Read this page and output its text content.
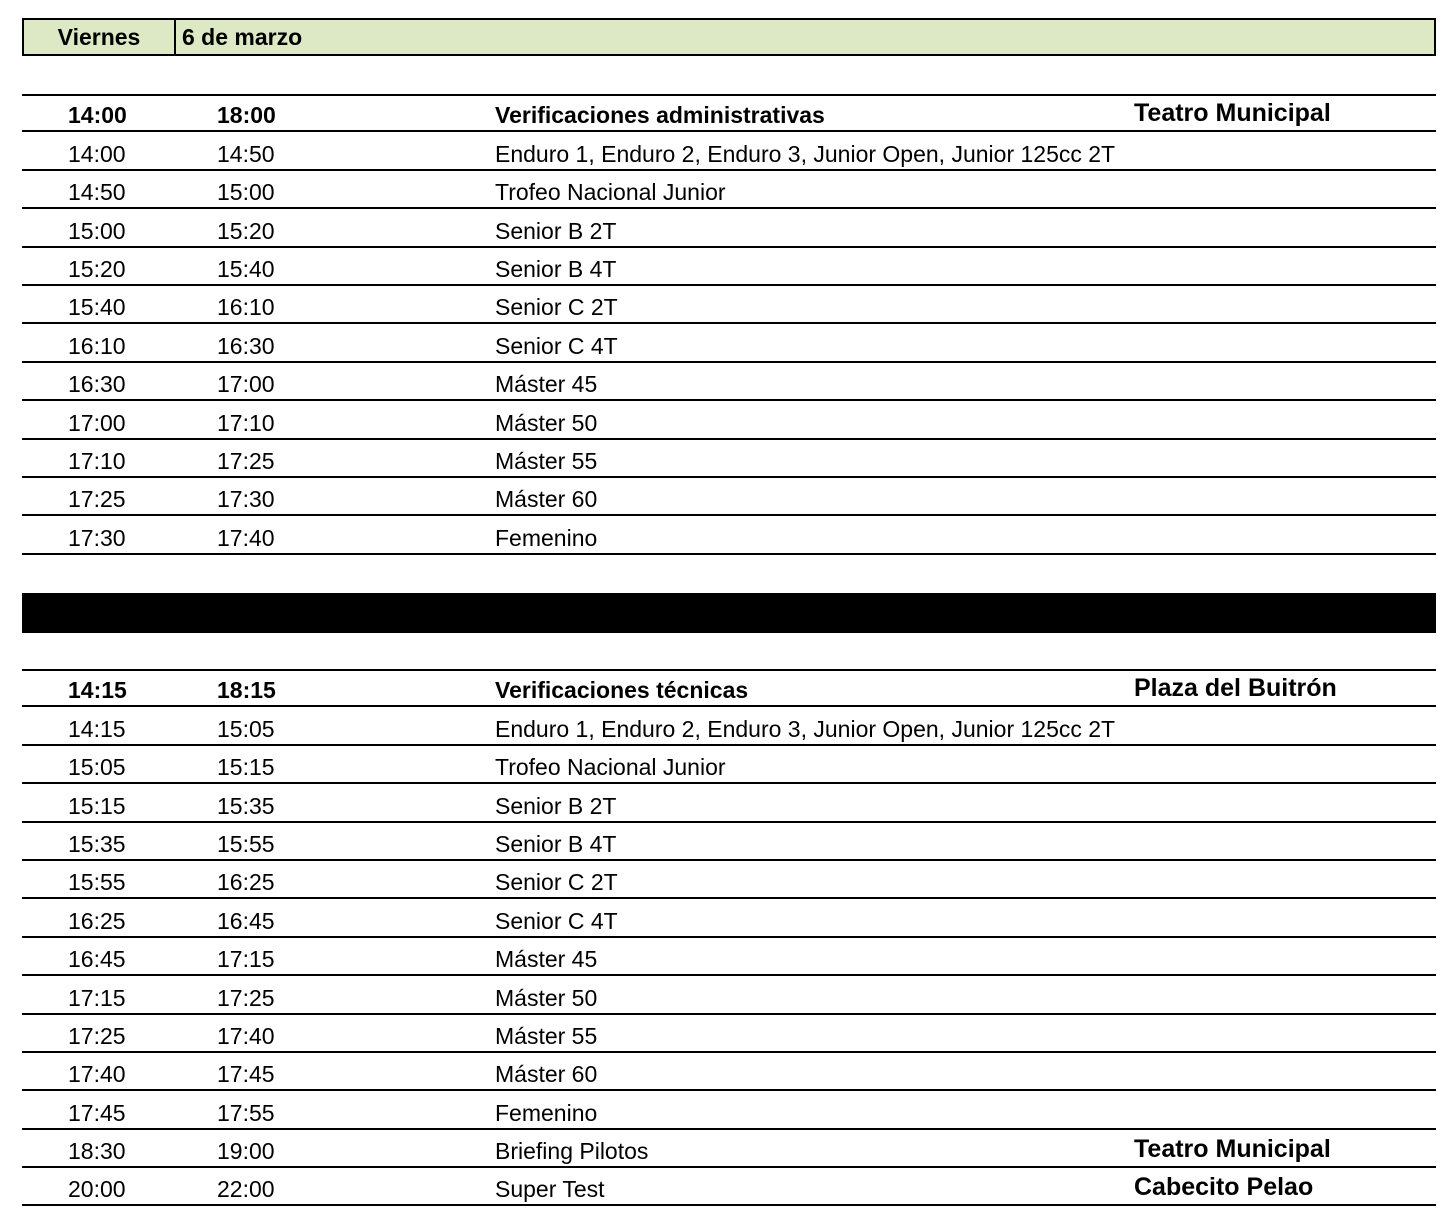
Viernes	6 de marzo
14:00	18:00	Verificaciones administrativas	Teatro Municipal
14:00	14:50	Enduro 1, Enduro 2, Enduro 3, Junior Open, Junior 125cc 2T
14:50	15:00	Trofeo Nacional Junior
15:00	15:20	Senior B 2T
15:20	15:40	Senior B 4T
15:40	16:10	Senior C 2T
16:10	16:30	Senior C 4T
16:30	17:00	Máster 45
17:00	17:10	Máster 50
17:10	17:25	Máster 55
17:25	17:30	Máster 60
17:30	17:40	Femenino
14:15	18:15	Verificaciones técnicas	Plaza del Buitrón
14:15	15:05	Enduro 1, Enduro 2, Enduro 3, Junior Open, Junior 125cc 2T
15:05	15:15	Trofeo Nacional Junior
15:15	15:35	Senior B 2T
15:35	15:55	Senior B 4T
15:55	16:25	Senior C 2T
16:25	16:45	Senior C 4T
16:45	17:15	Máster 45
17:15	17:25	Máster 50
17:25	17:40	Máster 55
17:40	17:45	Máster 60
17:45	17:55	Femenino
18:30	19:00	Briefing Pilotos	Teatro Municipal
20:00	22:00	Super Test	Cabecito Pelao
